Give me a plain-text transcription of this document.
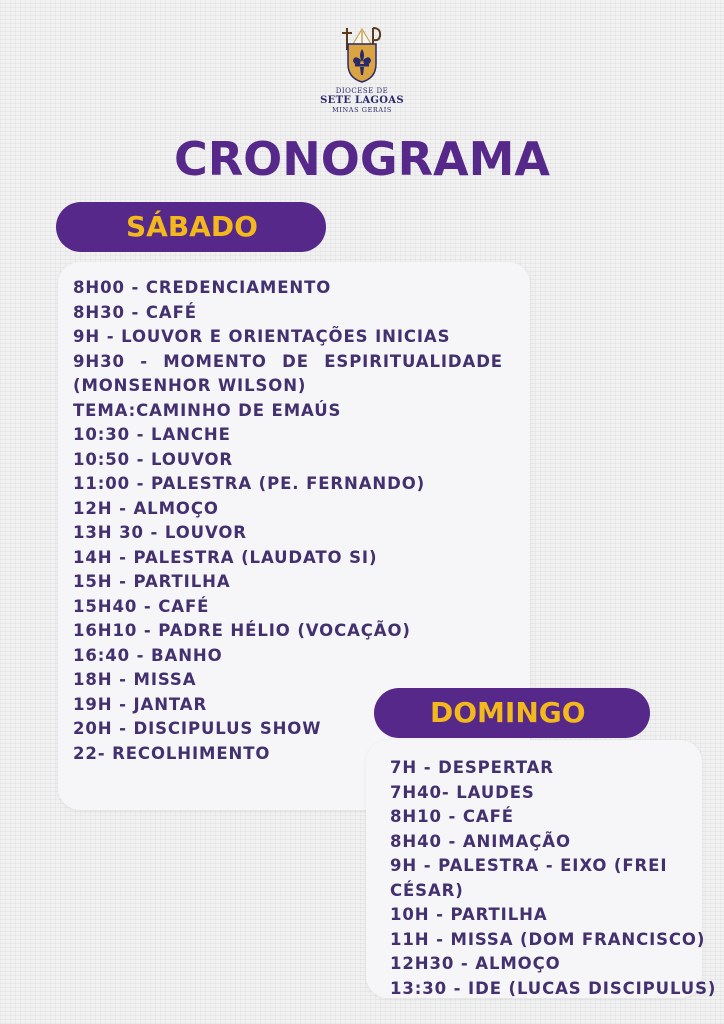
DIOCESE DE
SETE LAGOAS
MINAS GERAIS
CRONOGRAMA
SÁBADO
8H00 - CREDENCIAMENTO
8H30 - CAFÉ
9H - LOUVOR E ORIENTAÇÕES INICIAS
9H30 - MOMENTO DE ESPIRITUALIDADE
(MONSENHOR WILSON)
TEMA:CAMINHO DE EMAÚS
10:30 - LANCHE
10:50 - LOUVOR
11:00 - PALESTRA (PE. FERNANDO)
12H - ALMOÇO
13H 30 - LOUVOR
14H - PALESTRA (LAUDATO SI)
15H - PARTILHA
15H40 - CAFÉ
16H10 - PADRE HÉLIO (VOCAÇÃO)
16:40 - BANHO
18H - MISSA
19H - JANTAR
20H - DISCIPULUS SHOW
22- RECOLHIMENTO
DOMINGO
7H - DESPERTAR
7H40- LAUDES
8H10 - CAFÉ
8H40 - ANIMAÇÃO
9H - PALESTRA - EIXO (FREI
CÉSAR)
10H - PARTILHA
11H - MISSA (DOM FRANCISCO)
12H30 - ALMOÇO
13:30 - IDE (LUCAS DISCIPULUS)
